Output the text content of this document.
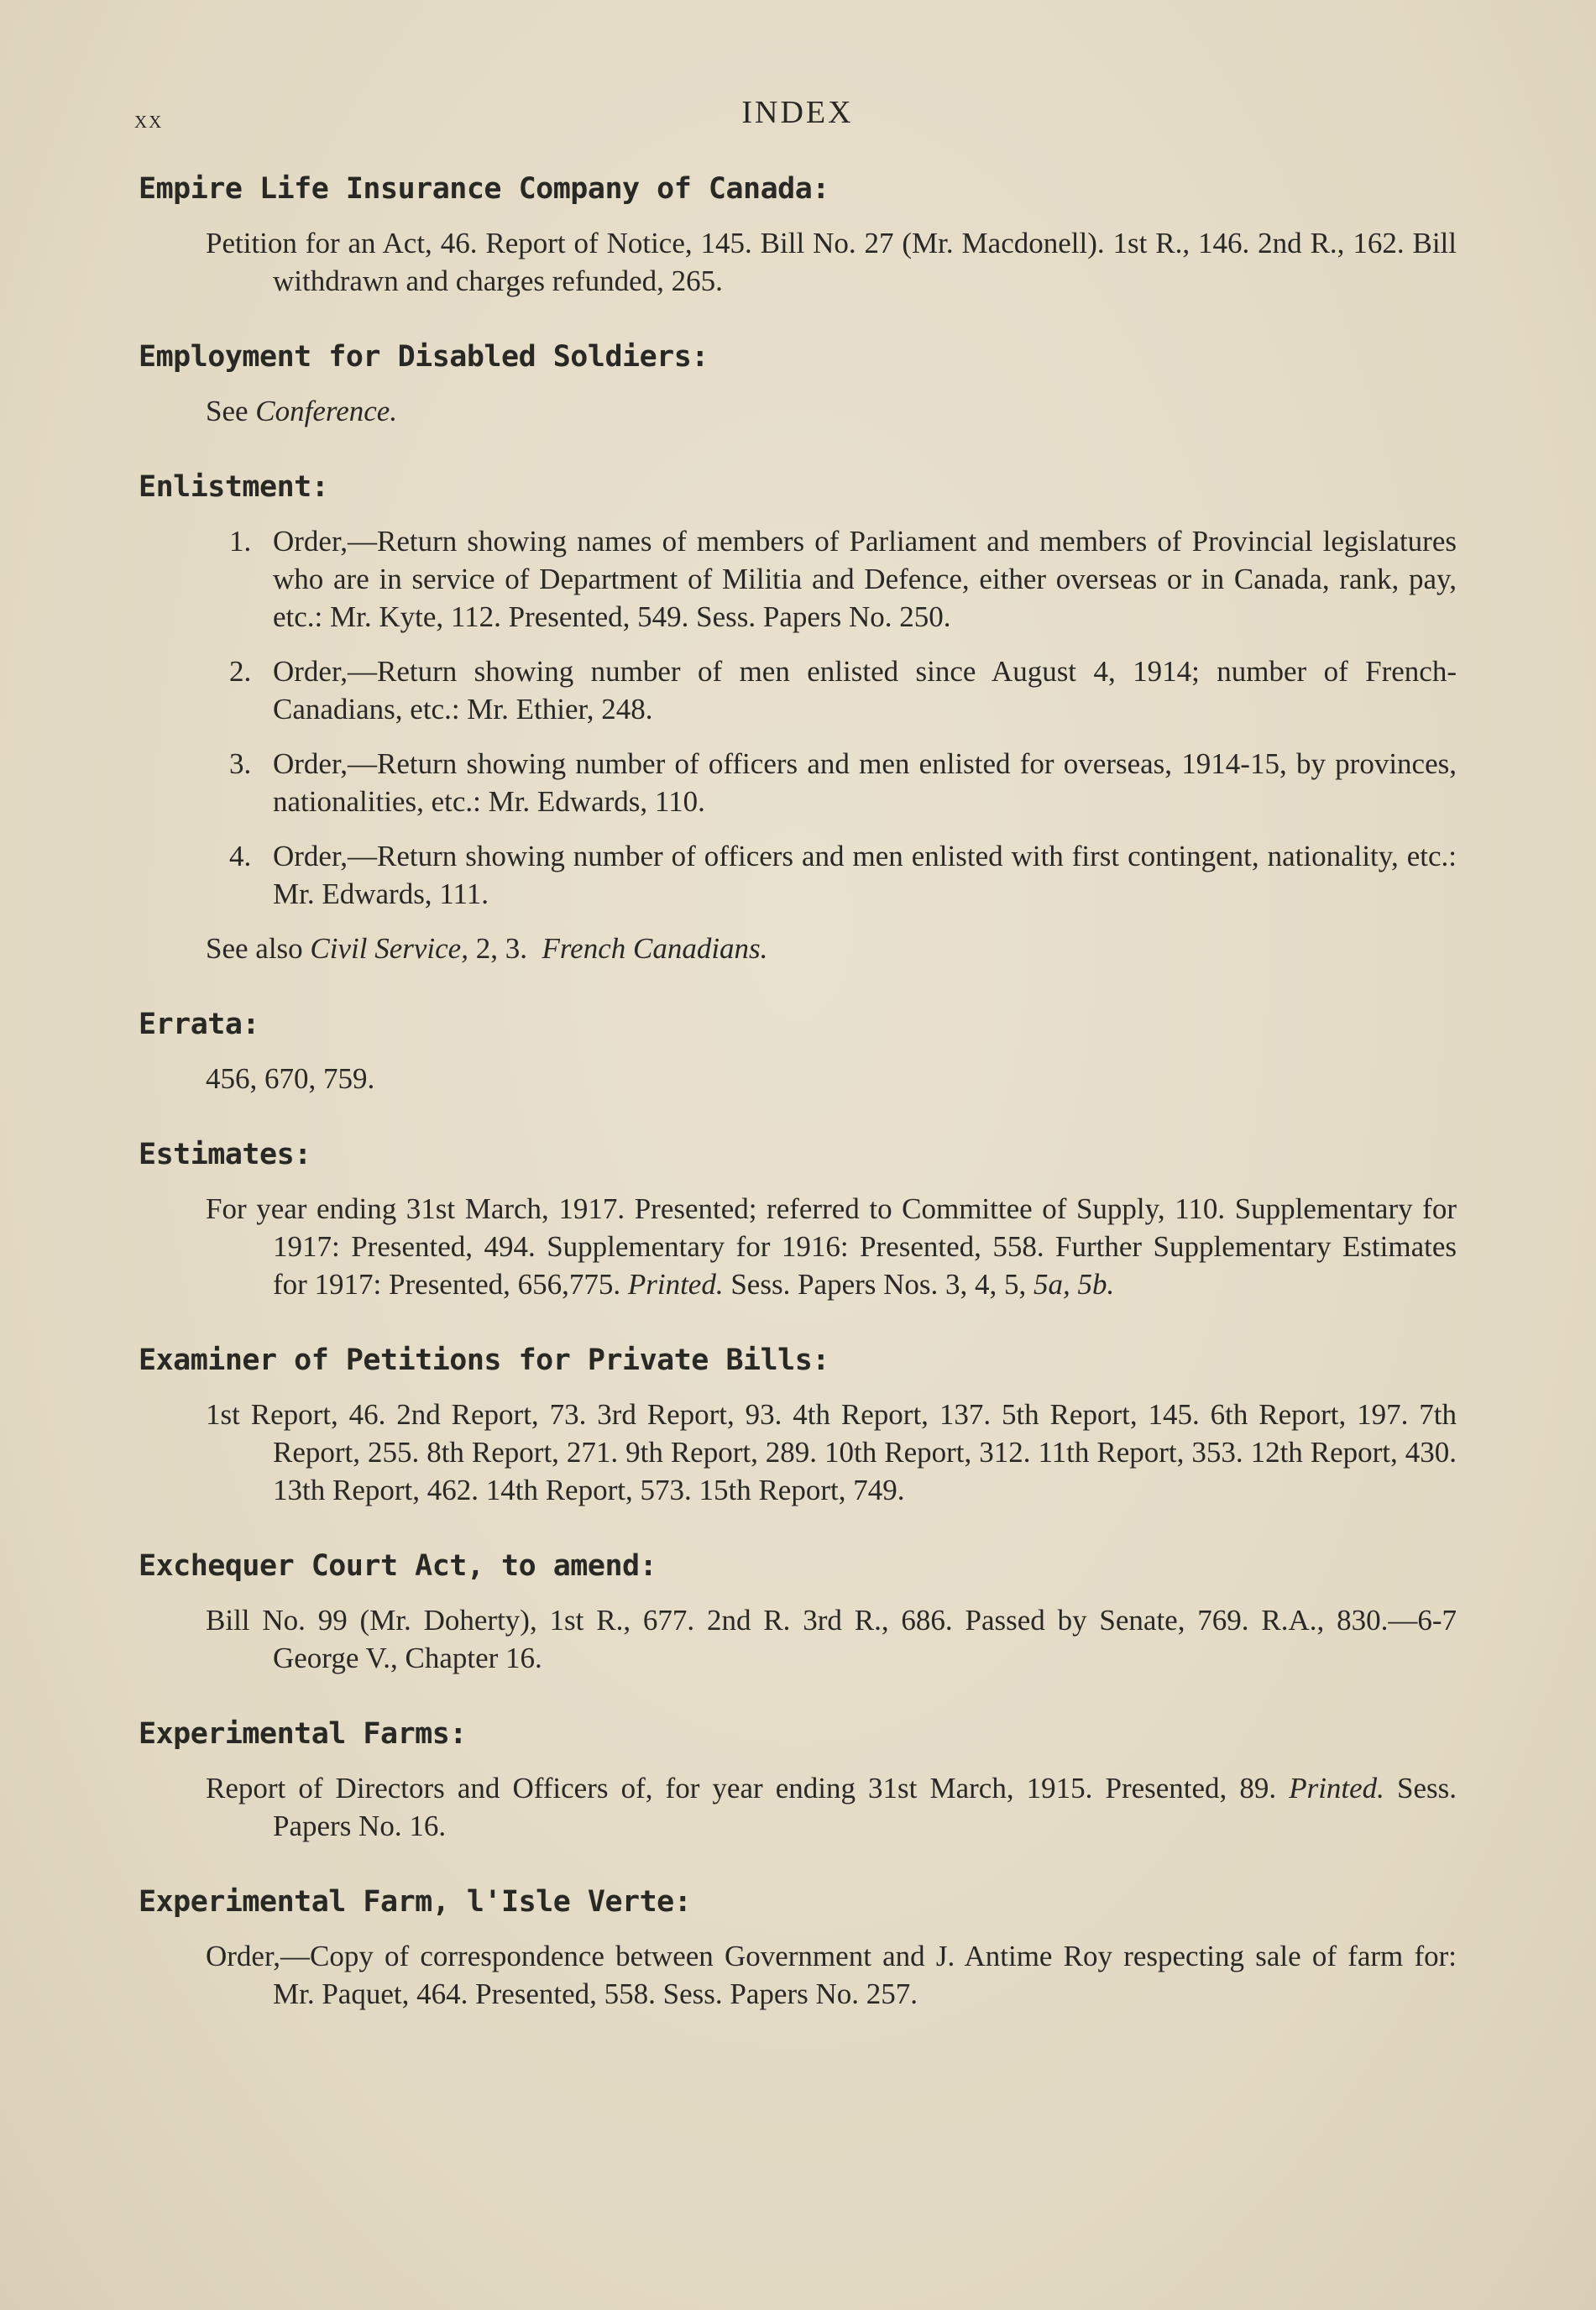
xx	INDEX
Empire Life Insurance Company of Canada:
Petition for an Act, 46. Report of Notice, 145. Bill No. 27 (Mr. Macdonell). 1st R., 146. 2nd R., 162. Bill withdrawn and charges refunded, 265.
Employment for Disabled Soldiers:
See Conference.
Enlistment:
1. Order,—Return showing names of members of Parliament and members of Provincial legislatures who are in service of Department of Militia and Defence, either overseas or in Canada, rank, pay, etc.: Mr. Kyte, 112. Presented, 549. Sess. Papers No. 250.
2. Order,—Return showing number of men enlisted since August 4, 1914; number of French-Canadians, etc.: Mr. Ethier, 248.
3. Order,—Return showing number of officers and men enlisted for overseas, 1914-15, by provinces, nationalities, etc.: Mr. Edwards, 110.
4. Order,—Return showing number of officers and men enlisted with first contingent, nationality, etc.: Mr. Edwards, 111.
See also Civil Service, 2, 3. French Canadians.
Errata:
456, 670, 759.
Estimates:
For year ending 31st March, 1917. Presented; referred to Committee of Supply, 110. Supplementary for 1917: Presented, 494. Supplementary for 1916: Presented, 558. Further Supplementary Estimates for 1917: Presented, 656,775. Printed. Sess. Papers Nos. 3, 4, 5, 5a, 5b.
Examiner of Petitions for Private Bills:
1st Report, 46. 2nd Report, 73. 3rd Report, 93. 4th Report, 137. 5th Report, 145. 6th Report, 197. 7th Report, 255. 8th Report, 271. 9th Report, 289. 10th Report, 312. 11th Report, 353. 12th Report, 430. 13th Report, 462. 14th Report, 573. 15th Report, 749.
Exchequer Court Act, to amend:
Bill No. 99 (Mr. Doherty), 1st R., 677. 2nd R. 3rd R., 686. Passed by Senate, 769. R.A., 830.—6-7 George V., Chapter 16.
Experimental Farms:
Report of Directors and Officers of, for year ending 31st March, 1915. Presented, 89. Printed. Sess. Papers No. 16.
Experimental Farm, l'Isle Verte:
Order,—Copy of correspondence between Government and J. Antime Roy respecting sale of farm for: Mr. Paquet, 464. Presented, 558. Sess. Papers No. 257.
